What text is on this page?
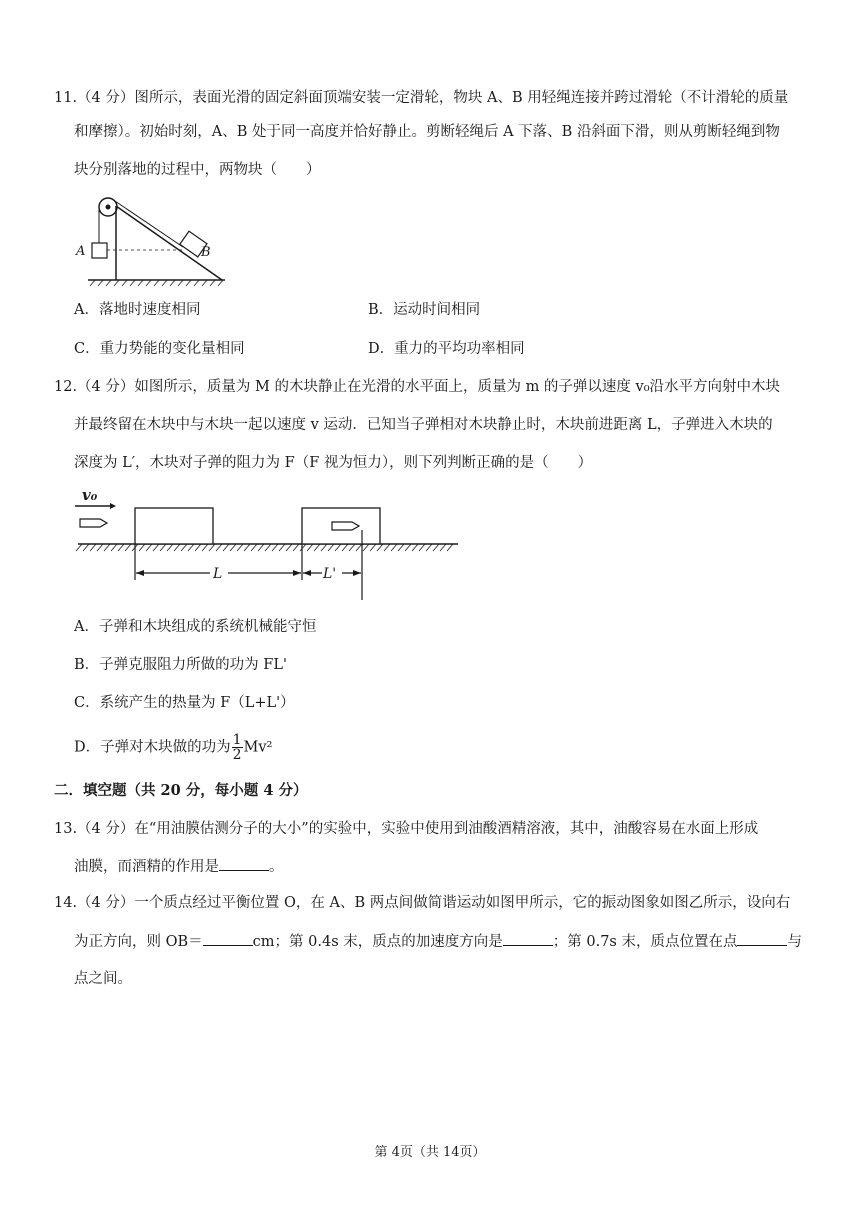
11.（4 分）图所示，表面光滑的固定斜面顶端安装一定滑轮，物块 A、B 用轻绳连接并跨过滑轮（不计滑轮的质量
和摩擦）。初始时刻，A、B 处于同一高度并恰好静止。剪断轻绳后 A 下落、B 沿斜面下滑，则从剪断轻绳到物
块分别落地的过程中，两物块（　　）
A	B
A．落地时速度相同	B．运动时间相同
C．重力势能的变化量相同	D．重力的平均功率相同
12.（4 分）如图所示，质量为 M 的木块静止在光滑的水平面上，质量为 m 的子弹以速度 v₀沿水平方向射中木块
并最终留在木块中与木块一起以速度 v 运动．已知当子弹相对木块静止时，木块前进距离 L，子弹进入木块的
深度为 L′，木块对子弹的阻力为 F（F 视为恒力），则下列判断正确的是（　　）
v₀
L	L'
A．子弹和木块组成的系统机械能守恒
B．子弹克服阻力所做的功为 FL'
C．系统产生的热量为 F（L+L'）
D．子弹对木块做的功为 $\frac{1}{2} Mv^2$
二．填空题（共 20 分，每小题 4 分）
13.（4 分）在“用油膜估测分子的大小”的实验中，实验中使用到油酸酒精溶液，其中，油酸容易在水面上形成
油膜，而酒精的作用是	。
14.（4 分）一个质点经过平衡位置 O，在 A、B 两点间做简谐运动如图甲所示，它的振动图象如图乙所示，设向右
为正方向，则 OB＝	cm；第 0.4s 末，质点的加速度方向是	；第 0.7s 末，质点位置在点	与
点之间。
第 4页（共 14页）
